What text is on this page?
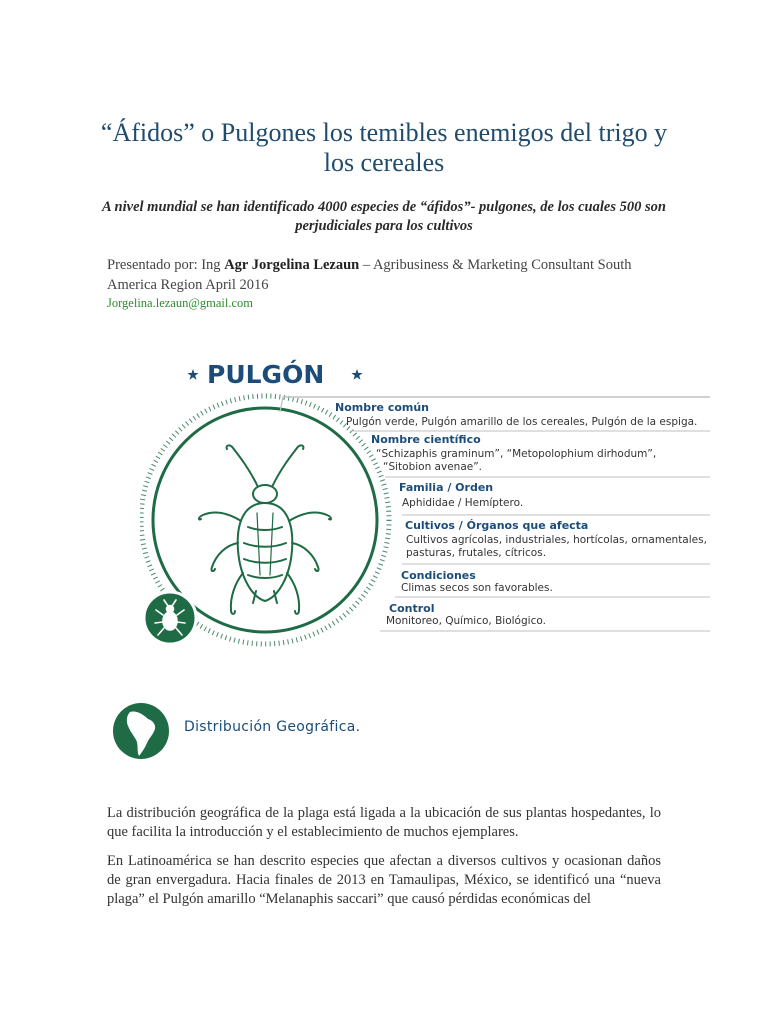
“Áfidos” o Pulgones los temibles enemigos del trigo y los cereales
A nivel mundial se han identificado 4000 especies de “áfidos”- pulgones, de los cuales 500 son perjudiciales para los cultivos
Presentado por: Ing Agr Jorgelina Lezaun – Agribusiness & Marketing Consultant South America Region April 2016
Jorgelina.lezaun@gmail.com
PULGÓN
Nombre común
Pulgón verde, Pulgón amarillo de los cereales, Pulgón de la espiga.
Nombre científico
“Schizaphis graminum”, “Metopolophium dirhodum”,
“Sitobion avenae”.
Familia / Orden
Aphididae / Hemíptero.
Cultivos / Órganos que afecta
Cultivos agrícolas, industriales, hortícolas, ornamentales,
pasturas, frutales, cítricos.
Condiciones
Climas secos son favorables.
Control
Monitoreo, Químico, Biológico.
Distribución Geográfica.
La distribución geográfica de la plaga está ligada a la ubicación de sus plantas hospedantes, lo que facilita la introducción y el establecimiento de muchos ejemplares.
En Latinoamérica se han descrito especies que afectan a diversos cultivos y ocasionan daños de gran envergadura. Hacia finales de 2013 en Tamaulipas, México, se identificó una “nueva plaga” el Pulgón amarillo “Melanaphis saccari” que causó pérdidas económicas del
